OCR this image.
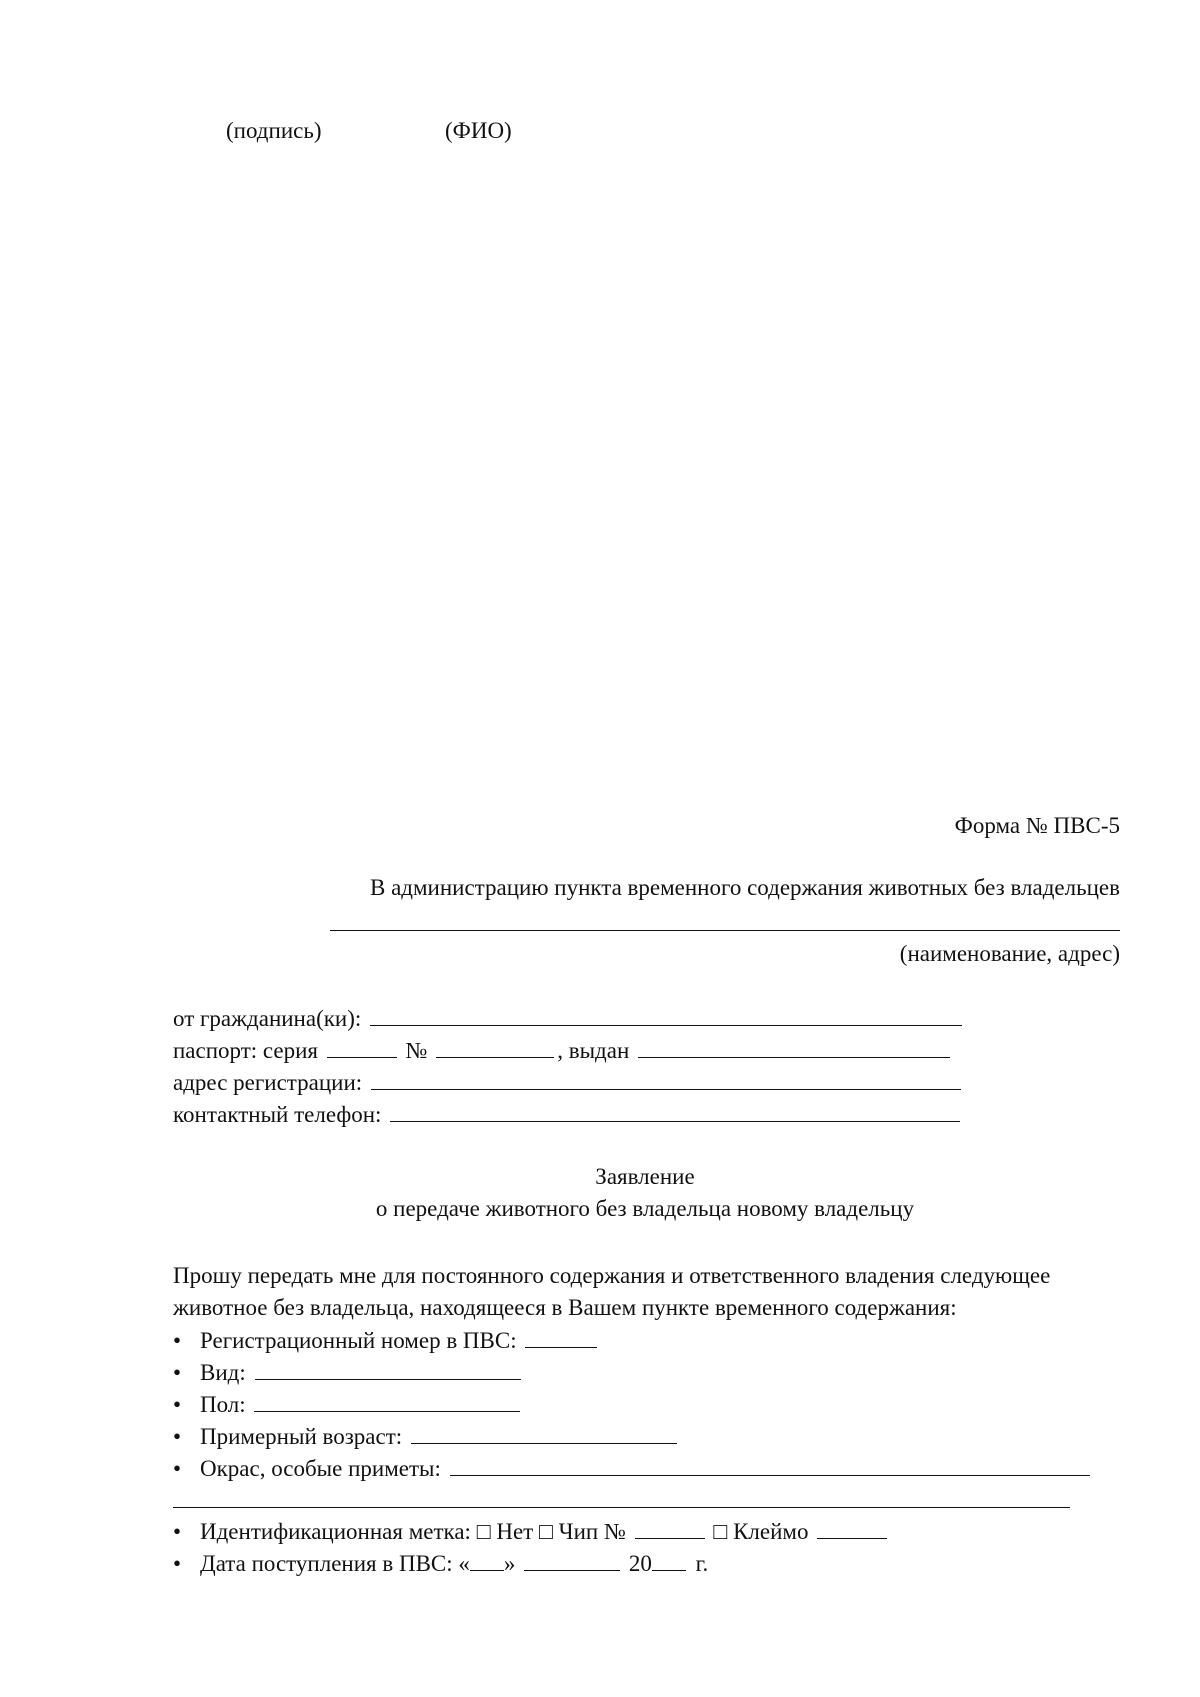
(подпись)	(ФИО)
Форма № ПВС-5
В администрацию пункта временного содержания животных без владельцев
(наименование, адрес)
от гражданина(ки):
паспорт: серия	№	, выдан
адрес регистрации:
контактный телефон:
Заявление
о передаче животного без владельца новому владельцу
Прошу передать мне для постоянного содержания и ответственного владения следующее
животное без владельца, находящееся в Вашем пункте временного содержания:
• Регистрационный номер в ПВС:
• Вид:
• Пол:
• Примерный возраст:
• Окрас, особые приметы:
• Идентификационная метка: □ Нет □ Чип №	□ Клеймо
• Дата поступления в ПВС: « »	20 г.
